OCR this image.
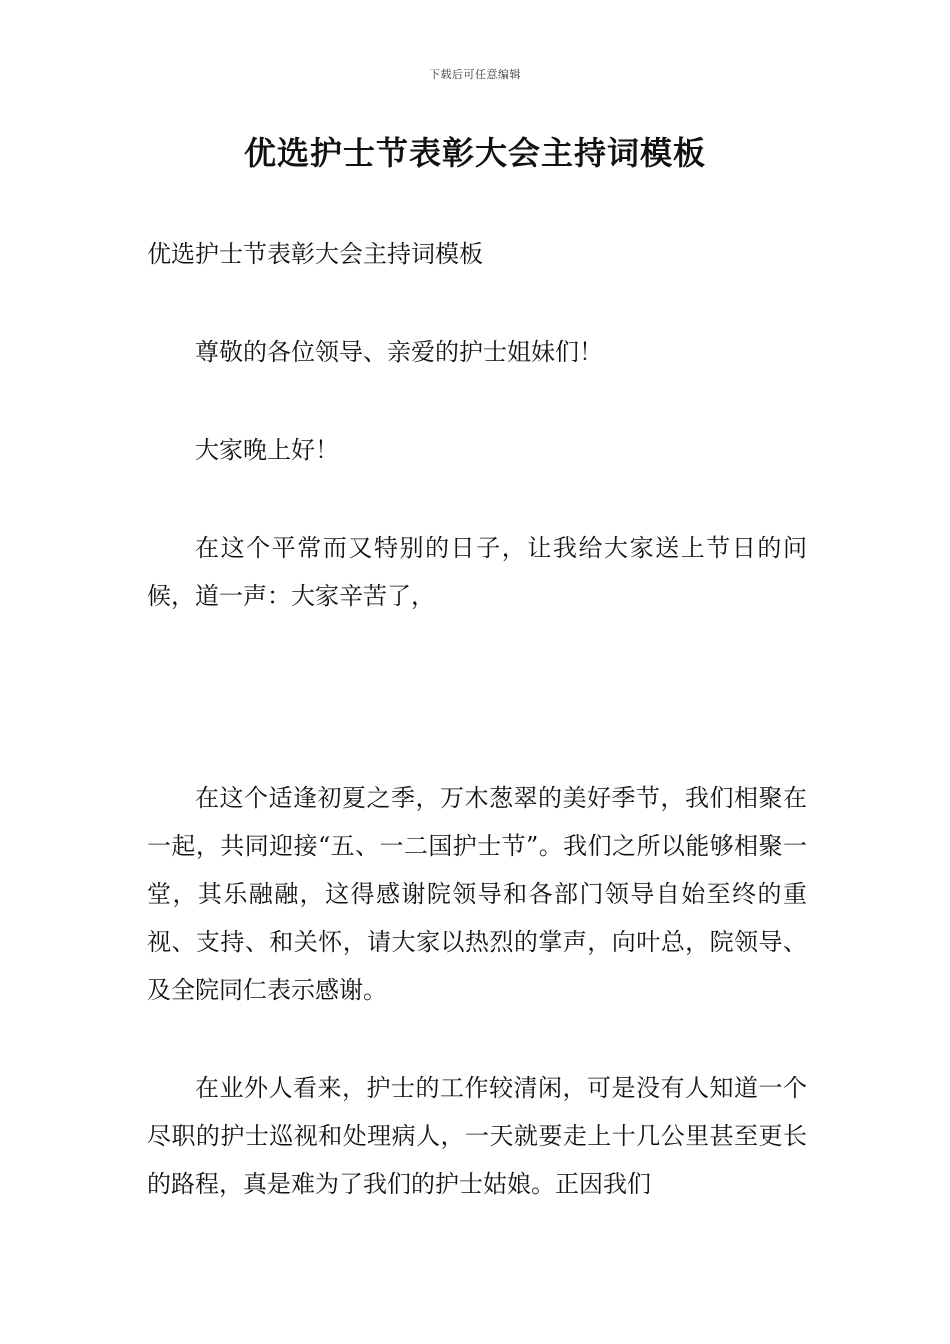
下载后可任意编辑
优选护士节表彰大会主持词模板

优选护士节表彰大会主持词模板

尊敬的各位领导、亲爱的护士姐妹们！

大家晚上好！

在这个平常而又特别的日子，让我给大家送上节日的问候，道一声：大家辛苦了，

在这个适逢初夏之季，万木葱翠的美好季节，我们相聚在一起，共同迎接“五、一二国护士节”。我们之所以能够相聚一堂，其乐融融，这得感谢院领导和各部门领导自始至终的重视、支持、和关怀，请大家以热烈的掌声，向叶总，院领导、及全院同仁表示感谢。

在业外人看来，护士的工作较清闲，可是没有人知道一个尽职的护士巡视和处理病人，一天就要走上十几公里甚至更长的路程，真是难为了我们的护士姑娘。正因我们
